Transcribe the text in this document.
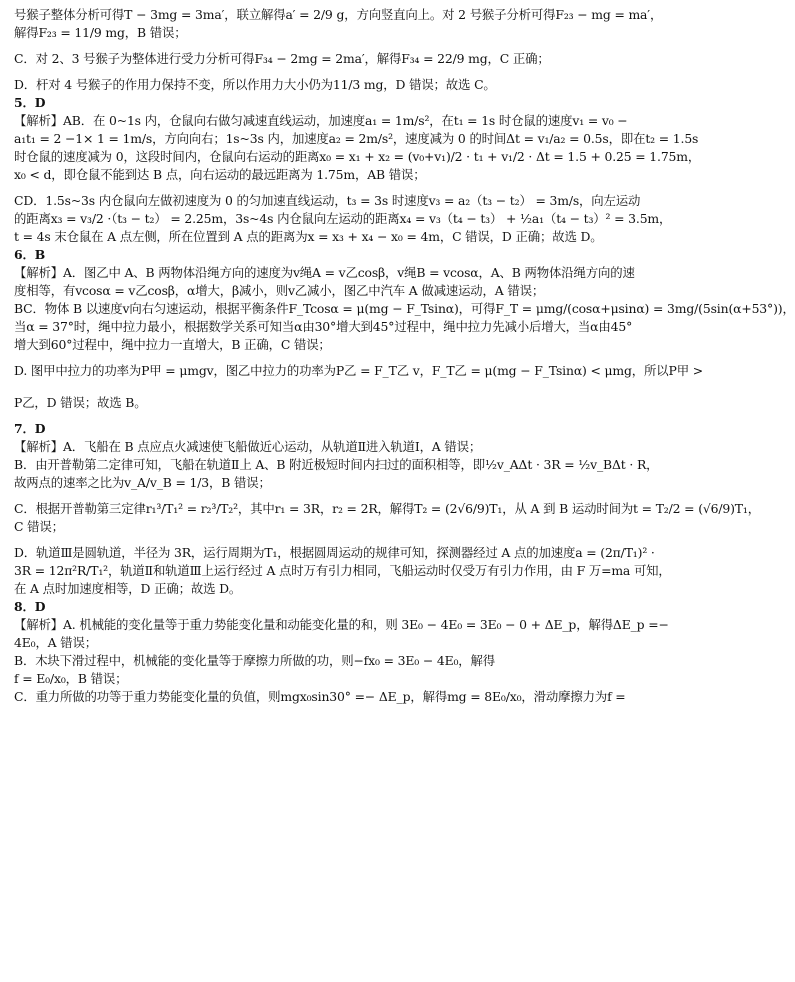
号猴子整体分析可得T − 3mg = 3ma′，联立解得a′ = 2/9 g，方向竖直向上。对 2 号猴子分析可得F₂₃ − mg = ma′，
解得F₂₃ = 11/9 mg，B 错误；
C．对 2、3 号猴子为整体进行受力分析可得F₃₄ − 2mg = 2ma′，解得F₃₄ = 22/9 mg，C 正确；
D．杆对 4 号猴子的作用力保持不变，所以作用力大小仍为11/3 mg，D 错误；故选 C。
5．D
【解析】AB．在 0~1s 内，仓鼠向右做匀减速直线运动，加速度a₁ = 1m/s²，在t₁ = 1s 时仓鼠的速度v₁ = v₀ −
a₁t₁ = 2 −1× 1 = 1m/s，方向向右；1s~3s 内，加速度a₂ = 2m/s²，速度减为 0 的时间Δt = v₁/a₂ = 0.5s，即在t₂ = 1.5s
时仓鼠的速度减为 0，这段时间内，仓鼠向右运动的距离x₀ = x₁ + x₂ = (v₀+v₁)/2 · t₁ + v₁/2 · Δt = 1.5 + 0.25 = 1.75m，
x₀ < d，即仓鼠不能到达 B 点，向右运动的最远距离为 1.75m，AB 错误；
CD．1.5s~3s 内仓鼠向左做初速度为 0 的匀加速直线运动，t₃ = 3s 时速度v₃ = a₂（t₃ − t₂） = 3m/s，向左运动
的距离x₃ = v₃/2 ·（t₃ − t₂） = 2.25m，3s~4s 内仓鼠向左运动的距离x₄ = v₃（t₄ − t₃） + ½a₁（t₄ − t₃）² = 3.5m，
t = 4s 末仓鼠在 A 点左侧，所在位置到 A 点的距离为x = x₃ + x₄ − x₀ = 4m，C 错误，D 正确；故选 D。
6．B
【解析】A．图乙中 A、B 两物体沿绳方向的速度为v绳A = v乙cosβ，v绳B = vcosα，A、B 两物体沿绳方向的速
度相等，有vcosα = v乙cosβ，α增大，β减小，则v乙减小，图乙中汽车 A 做减速运动，A 错误；
BC．物体 B 以速度v向右匀速运动，根据平衡条件F_Tcosα = μ(mg − F_Tsinα)，可得F_T = μmg/(cosα+μsinα) = 3mg/(5sin(α+53°))，
当α = 37°时，绳中拉力最小，根据数学关系可知当α由30°增大到45°过程中，绳中拉力先减小后增大，当α由45°
增大到60°过程中，绳中拉力一直增大，B 正确，C 错误；
D. 图甲中拉力的功率为P甲 = μmgv，图乙中拉力的功率为P乙 = F_T乙 v，F_T乙 = μ(mg − F_Tsinα) < μmg，所以P甲 >
P乙，D 错误；故选 B。
7．D
【解析】A．飞船在 B 点应点火减速使飞船做近心运动，从轨道Ⅱ进入轨道Ⅰ，A 错误；
B．由开普勒第二定律可知，飞船在轨道Ⅱ上 A、B 附近极短时间内扫过的面积相等，即½v_AΔt · 3R = ½v_BΔt · R，
故两点的速率之比为v_A/v_B = 1/3，B 错误；
C．根据开普勒第三定律r₁³/T₁² = r₂³/T₂²，其中r₁ = 3R，r₂ = 2R，解得T₂ = (2√6/9)T₁，从 A 到 B 运动时间为t = T₂/2 = (√6/9)T₁，
C 错误；
D．轨道Ⅲ是圆轨道，半径为 3R，运行周期为T₁，根据圆周运动的规律可知，探测器经过 A 点的加速度a = (2π/T₁)² ·
3R = 12π²R/T₁²，轨道Ⅱ和轨道Ⅲ上运行经过 A 点时万有引力相同，飞船运动时仅受万有引力作用，由 F 万=ma 可知，
在 A 点时加速度相等，D 正确；故选 D。
8．D
【解析】A. 机械能的变化量等于重力势能变化量和动能变化量的和，则 3E₀ − 4E₀ = 3E₀ − 0 + ΔE_p，解得ΔE_p =−
4E₀，A 错误；
B．木块下滑过程中，机械能的变化量等于摩擦力所做的功，则−fx₀ = 3E₀ − 4E₀，解得
f = E₀/x₀，B 错误；
C．重力所做的功等于重力势能变化量的负值，则mgx₀sin30° =− ΔE_p，解得mg = 8E₀/x₀，滑动摩擦力为f =
